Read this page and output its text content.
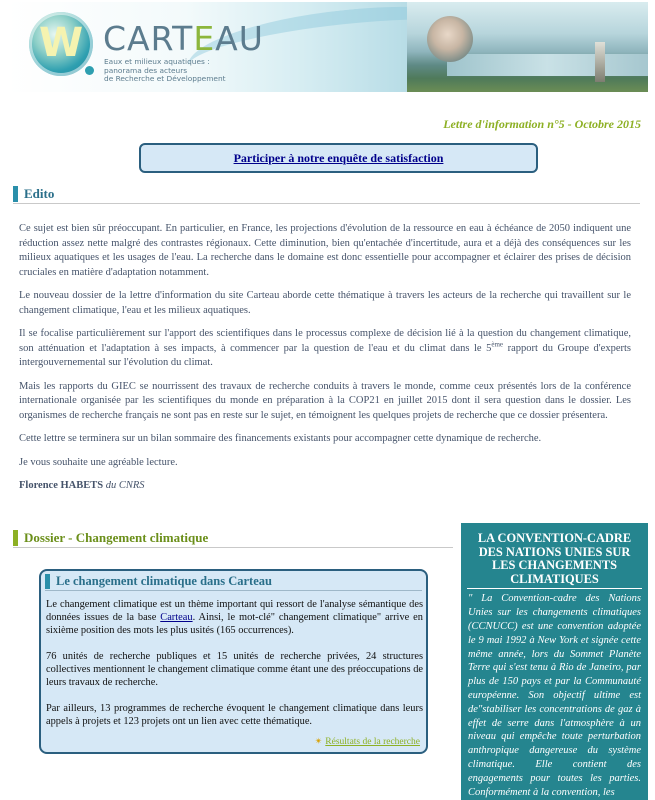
W CARTEAU
Eaux et milieux aquatiques :
panorama des acteurs
de Recherche et Développement
Lettre d'information n°5 - Octobre 2015
Participer à notre enquête de satisfaction
Edito

Ce sujet est bien sûr préoccupant. En particulier, en France, les projections d'évolution de la ressource en eau à échéance de 2050 indiquent une réduction assez nette malgré des contrastes régionaux. Cette diminution, bien qu'entachée d'incertitude, aura et a déjà des conséquences sur les milieux aquatiques et les usages de l'eau. La recherche dans le domaine est donc essentielle pour accompagner et éclairer des prises de décision cruciales en matière d'adaptation notamment.

Le nouveau dossier de la lettre d'information du site Carteau aborde cette thématique à travers les acteurs de la recherche qui travaillent sur le changement climatique, l'eau et les milieux aquatiques.

Il se focalise particulièrement sur l'apport des scientifiques dans le processus complexe de décision lié à la question du changement climatique, son atténuation et l'adaptation à ses impacts, à commencer par la question de l'eau et du climat dans le 5ème rapport du Groupe d'experts intergouvernemental sur l'évolution du climat.

Mais les rapports du GIEC se nourrissent des travaux de recherche conduits à travers le monde, comme ceux présentés lors de la conférence internationale organisée par les scientifiques du monde en préparation à la COP21 en juillet 2015 dont il sera question dans le dossier. Les organismes de recherche français ne sont pas en reste sur le sujet, en témoignent les quelques projets de recherche que ce dossier présentera.

Cette lettre se terminera sur un bilan sommaire des financements existants pour accompagner cette dynamique de recherche.

Je vous souhaite une agréable lecture.

Florence HABETS du CNRS

Dossier - Changement climatique
Le changement climatique dans Carteau

Le changement climatique est un thème important qui ressort de l'analyse sémantique des données issues de la base Carteau. Ainsi, le mot-clé" changement climatique" arrive en sixième position des mots les plus usités (165 occurrences).

76 unités de recherche publiques et 15 unités de recherche privées, 24 structures collectives mentionnent le changement climatique comme étant une des préoccupations de leurs travaux de recherche.

Par ailleurs, 13 programmes de recherche évoquent le changement climatique dans leurs appels à projets et 123 projets ont un lien avec cette thématique.

✴ Résultats de la recherche
LA CONVENTION-CADRE DES NATIONS UNIES SUR LES CHANGEMENTS CLIMATIQUES
" La Convention-cadre des Nations Unies sur les changements climatiques (CCNUCC) est une convention adoptée le 9 mai 1992 à New York et signée cette même année, lors du Sommet Planète Terre qui s'est tenu à Rio de Janeiro, par plus de 150 pays et par la Communauté européenne. Son objectif ultime est de"stabiliser les concentrations de gaz à effet de serre dans l'atmosphère à un niveau qui empêche toute perturbation anthropique dangereuse du système climatique. Elle contient des engagements pour toutes les parties. Conformément à la convention, les
